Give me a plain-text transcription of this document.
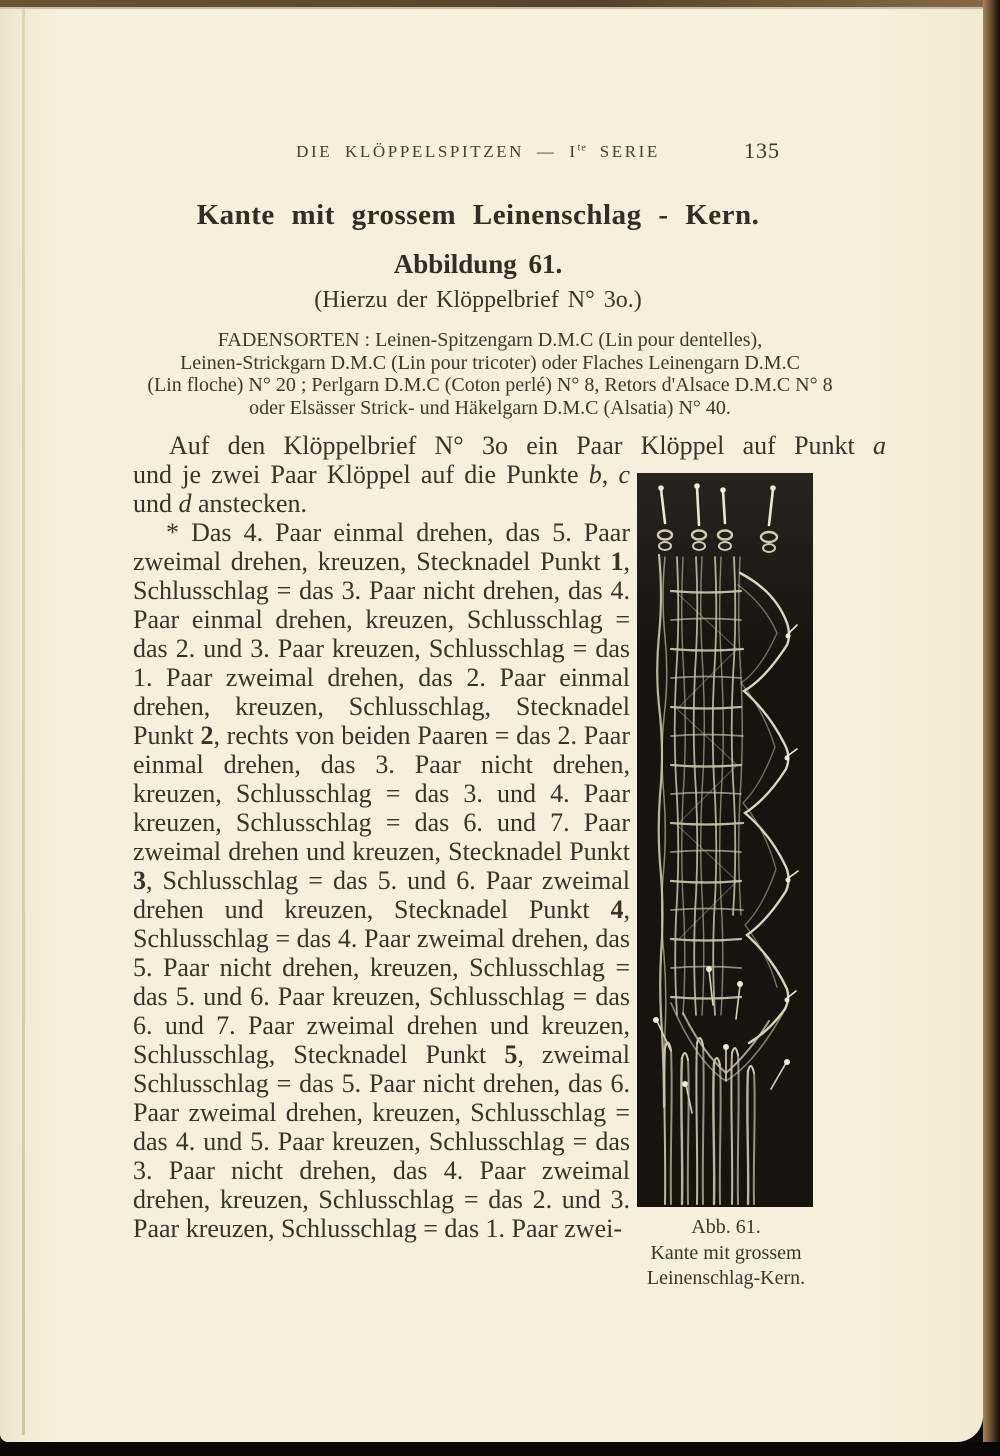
DIE KLÖPPELSPITZEN — $I^{te}$ SERIE	135
Kante mit grossem Leinenschlag - Kern.
Abbildung 61.
(Hierzu der Klöppelbrief N° 3o.)
FADENSORTEN : Leinen-Spitzengarn D.M.C (Lin pour dentelles),
Leinen-Strickgarn D.M.C (Lin pour tricoter) oder Flaches Leinengarn D.M.C
(Lin floche) N° 20 ; Perlgarn D.M.C (Coton perlé) N° 8, Retors d'Alsace D.M.C N° 8
oder Elsässer Strick- und Häkelgarn D.M.C (Alsatia) N° 40.

Auf den Klöppelbrief N° 3o ein Paar Klöppel auf Punkt a

und je zwei Paar Klöppel auf die Punkte b, c und d anstecken.

* Das 4. Paar einmal drehen, das 5. Paar zweimal drehen, kreuzen, Stecknadel Punkt 1, Schlusschlag = das 3. Paar nicht drehen, das 4. Paar einmal drehen, kreuzen, Schlusschlag = das 2. und 3. Paar kreuzen, Schlusschlag = das 1. Paar zweimal drehen, das 2. Paar einmal drehen, kreuzen, Schlusschlag, Stecknadel Punkt 2, rechts von beiden Paaren = das 2. Paar einmal drehen, das 3. Paar nicht drehen, kreuzen, Schlusschlag = das 3. und 4. Paar kreuzen, Schlusschlag = das 6. und 7. Paar zweimal drehen und kreuzen, Stecknadel Punkt 3, Schlusschlag = das 5. und 6. Paar zweimal drehen und kreuzen, Stecknadel Punkt 4, Schlusschlag = das 4. Paar zweimal drehen, das 5. Paar nicht drehen, kreuzen, Schlusschlag = das 5. und 6. Paar kreuzen, Schlusschlag = das 6. und 7. Paar zweimal drehen und kreuzen, Schlusschlag, Stecknadel Punkt 5, zweimal Schlusschlag = das 5. Paar nicht drehen, das 6. Paar zweimal drehen, kreuzen, Schlusschlag = das 4. und 5. Paar kreuzen, Schlusschlag = das 3. Paar nicht drehen, das 4. Paar zweimal drehen, kreuzen, Schlusschlag = das 2. und 3. Paar kreuzen, Schlusschlag = das 1. Paar zwei-	Abb. 61.
Kante mit grossem
Leinenschlag-Kern.
